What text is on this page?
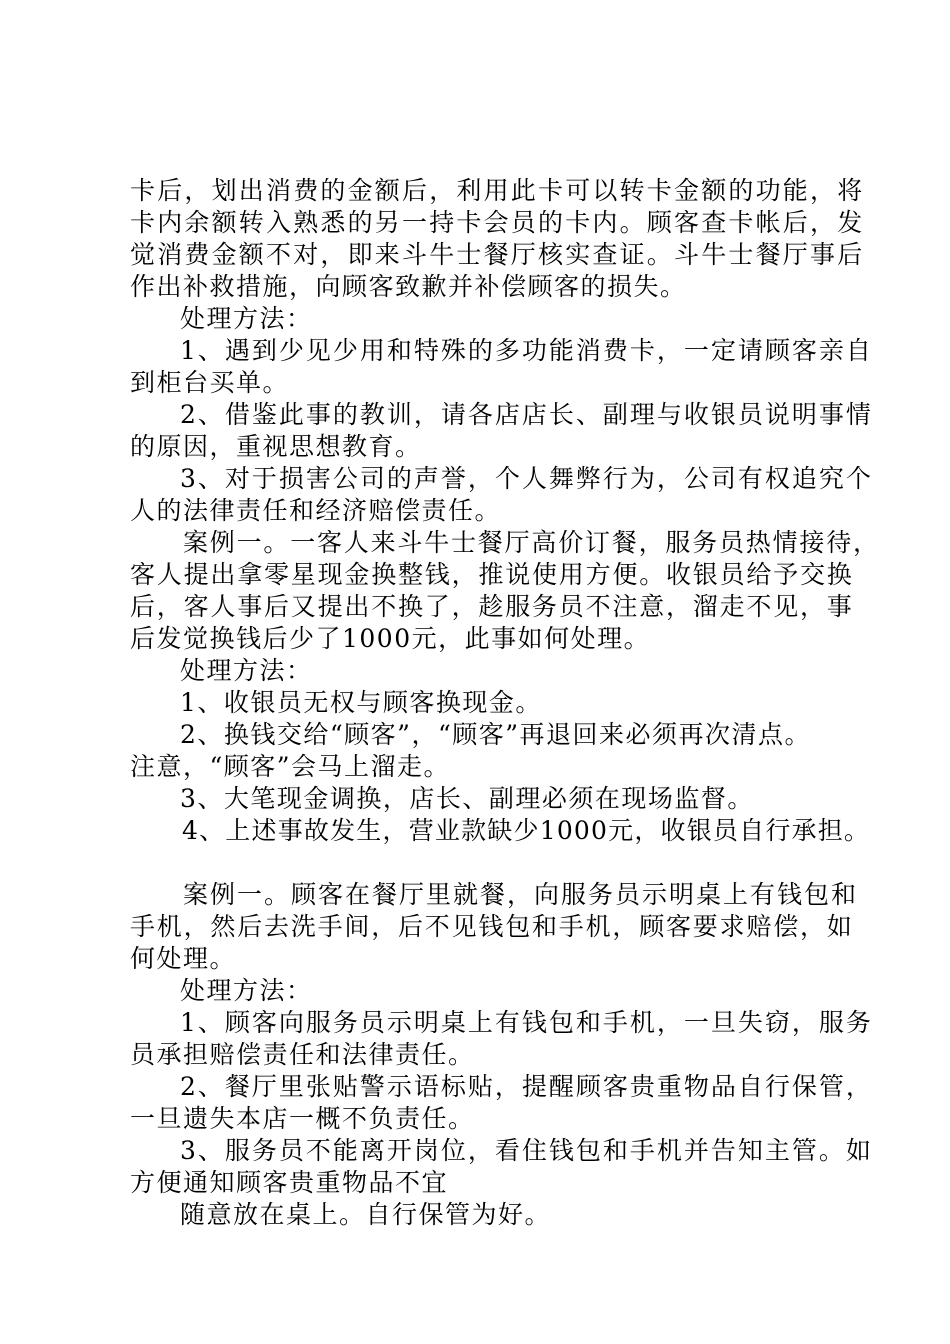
卡后，划出消费的金额后，利用此卡可以转卡金额的功能，将
卡内余额转入熟悉的另一持卡会员的卡内。顾客查卡帐后，发
觉消费金额不对，即来斗牛士餐厅核实查证。斗牛士餐厅事后
作出补救措施，向顾客致歉并补偿顾客的损失。
处理方法：
1、遇到少见少用和特殊的多功能消费卡，一定请顾客亲自
到柜台买单。
2、借鉴此事的教训，请各店店长、副理与收银员说明事情
的原因，重视思想教育。
3、对于损害公司的声誉，个人舞弊行为，公司有权追究个
人的法律责任和经济赔偿责任。
案例一。一客人来斗牛士餐厅高价订餐，服务员热情接待，
客人提出拿零星现金换整钱，推说使用方便。收银员给予交换
后，客人事后又提出不换了，趁服务员不注意，溜走不见，事
后发觉换钱后少了1000元，此事如何处理。
处理方法：
1、收银员无权与顾客换现金。
2、换钱交给“顾客”，“顾客”再退回来必须再次清点。
注意，“顾客”会马上溜走。
3、大笔现金调换，店长、副理必须在现场监督。
4、上述事故发生，营业款缺少1000元，收银员自行承担。
案例一。顾客在餐厅里就餐，向服务员示明桌上有钱包和
手机，然后去洗手间，后不见钱包和手机，顾客要求赔偿，如
何处理。
处理方法：
1、顾客向服务员示明桌上有钱包和手机，一旦失窃，服务
员承担赔偿责任和法律责任。
2、餐厅里张贴警示语标贴，提醒顾客贵重物品自行保管，
一旦遗失本店一概不负责任。
3、服务员不能离开岗位，看住钱包和手机并告知主管。如
方便通知顾客贵重物品不宜
随意放在桌上。自行保管为好。
